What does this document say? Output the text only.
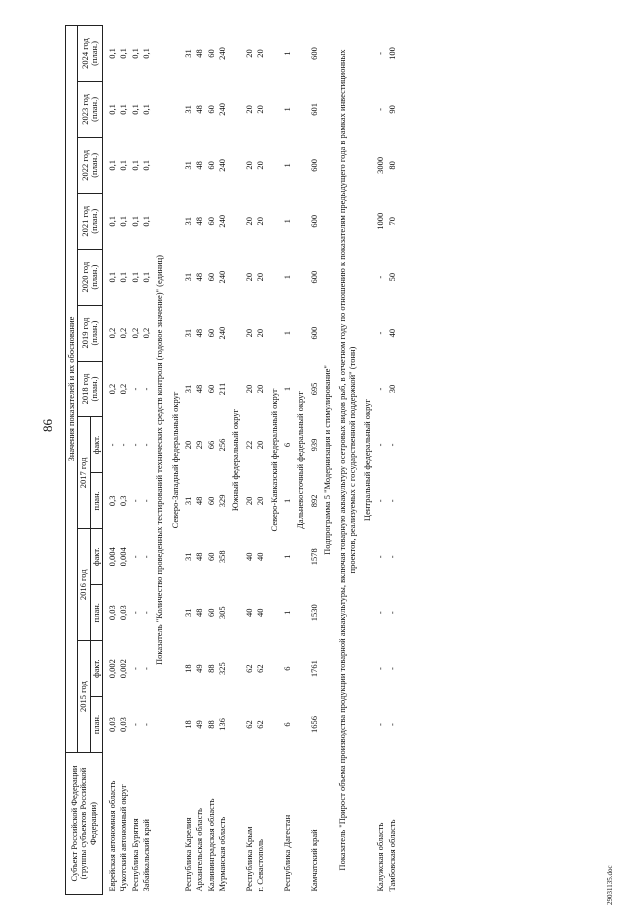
86
Субъект Российской Федерации (группы субъектов Российской Федерации)	Значения показателей и их обоснование												
	2015 год		2016 год		2017 год		2018 год (план.)	2019 год (план.)	2020 год (план.)	2021 год (план.)	2022 год (план.)	2023 год (план.)	2024 год (план.)
	план.	факт.	план.	факт.	план.	факт.							

Еврейская автономная область	0,03	0,002	0,03	0,004	0,3	-	0,2	0,2	0,1	0,1	0,1	0,1	0,1
Чукотский автономный округ	0,03	0,002	0,03	0,004	0,3	-	0,2	0,2	0,1	0,1	0,1	0,1	0,1
Республика Бурятия	-	-	-	-	-	-	-	0,2	0,1	0,1	0,1	0,1	0,1
Забайкальский край	-	-	-	-	-	-	-	0,2	0,1	0,1	0,1	0,1	0,1
Показатель "Количество проведенных тестирований технических средств контроля (годовое значение)" (единиц)													
Северо-Западный федеральный округ													
Республика Карелия	18	18	31	31	31	20	31	31	31	31	31	31	31
Архангельская область	49	49	48	48	48	29	48	48	48	48	48	48	48
Калининградская область	88	88	60	60	60	66	60	60	60	60	60	60	60
Мурманская область	136	325	305	358	329	256	211	240	240	240	240	240	240
Южный федеральный округ													
Республика Крым	62	62	40	40	20	22	20	20	20	20	20	20	20
г. Севастополь	62	62	40	40	20	20	20	20	20	20	20	20	20
Северо-Кавказский федеральный округ													
Республика Дагестан	6	6	1	1	1	6	1	1	1	1	1	1	1
Дальневосточный федеральный округ													
Камчатский край	1656	1761	1530	1578	892	939	695	600	600	600	600	601	600
Подпрограмма 5 "Модернизация и стимулирование"													
Показатель "Прирост объема производства продукции товарной аквакультуры, включая товарную аквакультуру осетровых видов рыб, в отчетном году по отношению к показателям предыдущего года в рамках инвестиционных проектов, реализуемых с государственной поддержкой" (тонн)													
Центральный федеральный округ													
Калужская область	-	-	-	-	-	-	-	-	-	1000	3000	-	-
Тамбовская область	-	-	-	-	-	-	30	40	50	70	80	90	100
29031135.doc
